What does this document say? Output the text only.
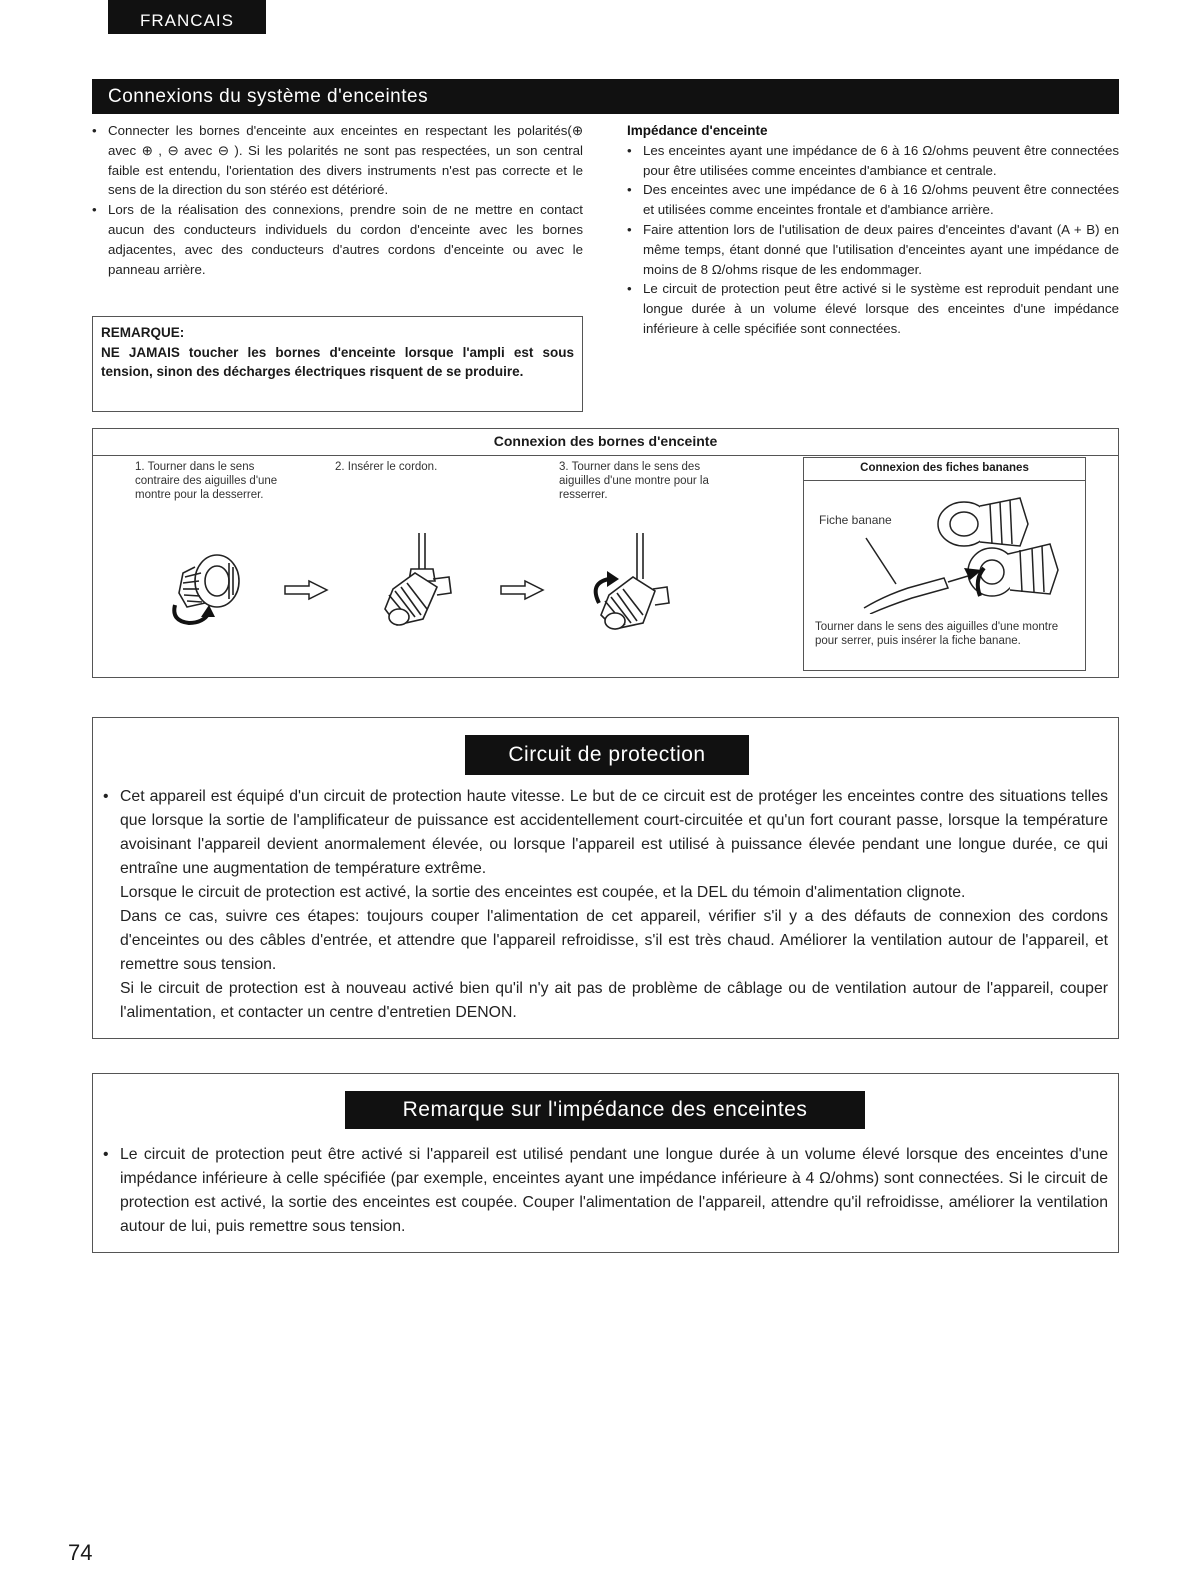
FRANCAIS
Connexions du système d'enceintes
• Connecter les bornes d'enceinte aux enceintes en respectant les polarités(⊕ avec ⊕ , ⊖ avec ⊖ ). Si les polarités ne sont pas respectées, un son central faible est entendu, l'orientation des divers instruments n'est pas correcte et le sens de la direction du son stéréo est détérioré.
• Lors de la réalisation des connexions, prendre soin de ne mettre en contact aucun des conducteurs individuels du cordon d'enceinte avec les bornes adjacentes, avec des conducteurs d'autres cordons d'enceinte ou avec le panneau arrière.
REMARQUE:
NE JAMAIS toucher les bornes d'enceinte lorsque l'ampli est sous tension, sinon des décharges électriques risquent de se produire.
Impédance d'enceinte
• Les enceintes ayant une impédance de 6 à 16 Ω/ohms peuvent être connectées pour être utilisées comme enceintes d'ambiance et centrale.
• Des enceintes avec une impédance de 6 à 16 Ω/ohms peuvent être connectées et utilisées comme enceintes frontale et d'ambiance arrière.
• Faire attention lors de l'utilisation de deux paires d'enceintes d'avant (A + B) en même temps, étant donné que l'utilisation d'enceintes ayant une impédance de moins de 8 Ω/ohms risque de les endommager.
• Le circuit de protection peut être activé si le système est reproduit pendant une longue durée à un volume élevé lorsque des enceintes d'une impédance inférieure à celle spécifiée sont connectées.
Connexion des bornes d'enceinte
1. Tourner dans le sens contraire des aiguilles d'une montre pour la desserrer.
2. Insérer le cordon.	3. Tourner dans le sens des aiguilles d'une montre pour la resserrer.
Connexion des fiches bananes
Fiche banane
Tourner dans le sens des aiguilles d'une montre pour serrer, puis insérer la fiche banane.
Circuit de protection
• Cet appareil est équipé d'un circuit de protection haute vitesse. Le but de ce circuit est de protéger les enceintes contre des situations telles que lorsque la sortie de l'amplificateur de puissance est accidentellement court-circuitée et qu'un fort courant passe, lorsque la température avoisinant l'appareil devient anormalement élevée, ou lorsque l'appareil est utilisé à puissance élevée pendant une longue durée, ce qui entraîne une augmentation de température extrême.

Lorsque le circuit de protection est activé, la sortie des enceintes est coupée, et la DEL du témoin d'alimentation clignote.

Dans ce cas, suivre ces étapes: toujours couper l'alimentation de cet appareil, vérifier s'il y a des défauts de connexion des cordons d'enceintes ou des câbles d'entrée, et attendre que l'appareil refroidisse, s'il est très chaud. Améliorer la ventilation autour de l'appareil, et remettre sous tension.

Si le circuit de protection est à nouveau activé bien qu'il n'y ait pas de problème de câblage ou de ventilation autour de l'appareil, couper l'alimentation, et contacter un centre d'entretien DENON.

Remarque sur l'impédance des enceintes
• Le circuit de protection peut être activé si l'appareil est utilisé pendant une longue durée à un volume élevé lorsque des enceintes d'une impédance inférieure à celle spécifiée (par exemple, enceintes ayant une impédance inférieure à 4 Ω/ohms) sont connectées. Si le circuit de protection est activé, la sortie des enceintes est coupée. Couper l'alimentation de l'appareil, attendre qu'il refroidisse, améliorer la ventilation autour de lui, puis remettre sous tension.
74
